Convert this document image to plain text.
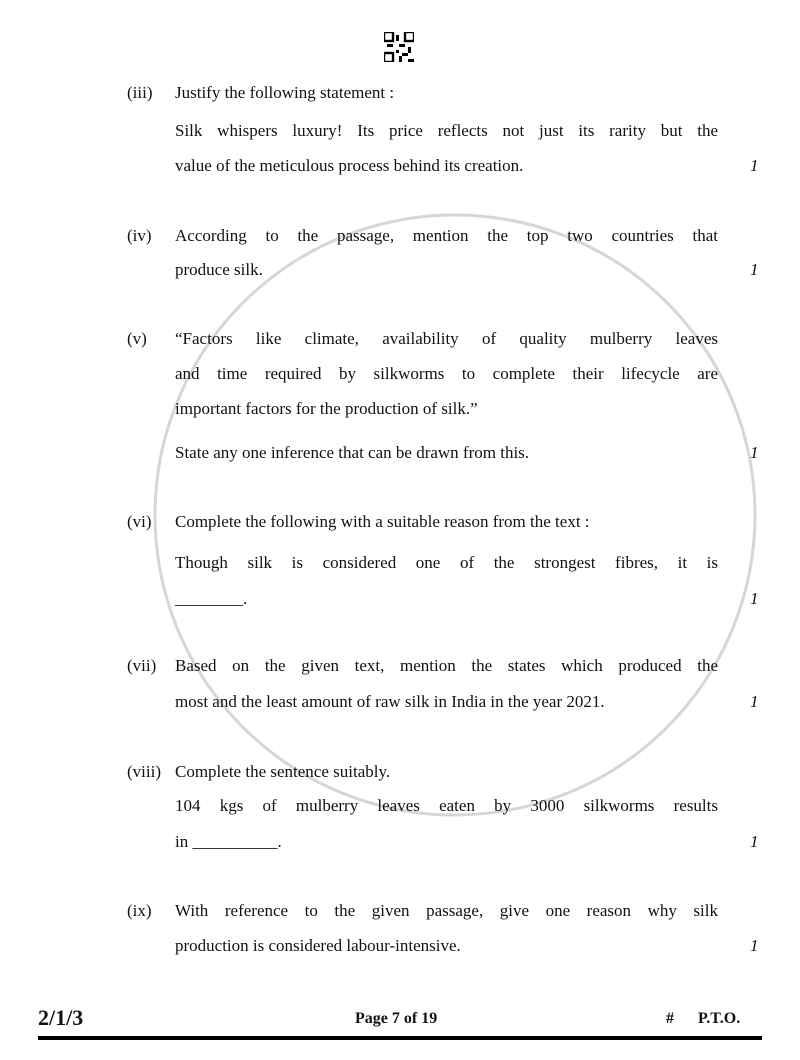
(iii)	Justify the following statement :
Silk whispers luxury! Its price reflects not just its rarity but the
value of the meticulous process behind its creation.	1
(iv)	According to the passage, mention the top two countries that
produce silk.	1
(v)	“Factors like climate, availability of quality mulberry leaves
and time required by silkworms to complete their lifecycle are
important factors for the production of silk.”
State any one inference that can be drawn from this.	1
(vi)	Complete the following with a suitable reason from the text :
Though silk is considered one of the strongest fibres, it is
________.	1
(vii)	Based on the given text, mention the states which produced the
most and the least amount of raw silk in India in the year 2021.	1
(viii) Complete the sentence suitably.
104 kgs of mulberry leaves eaten by 3000 silkworms results
in __________.	1
(ix)	With reference to the given passage, give one reason why silk
production is considered labour-intensive.	1
2/1/3	Page 7 of 19	# P.T.O.
